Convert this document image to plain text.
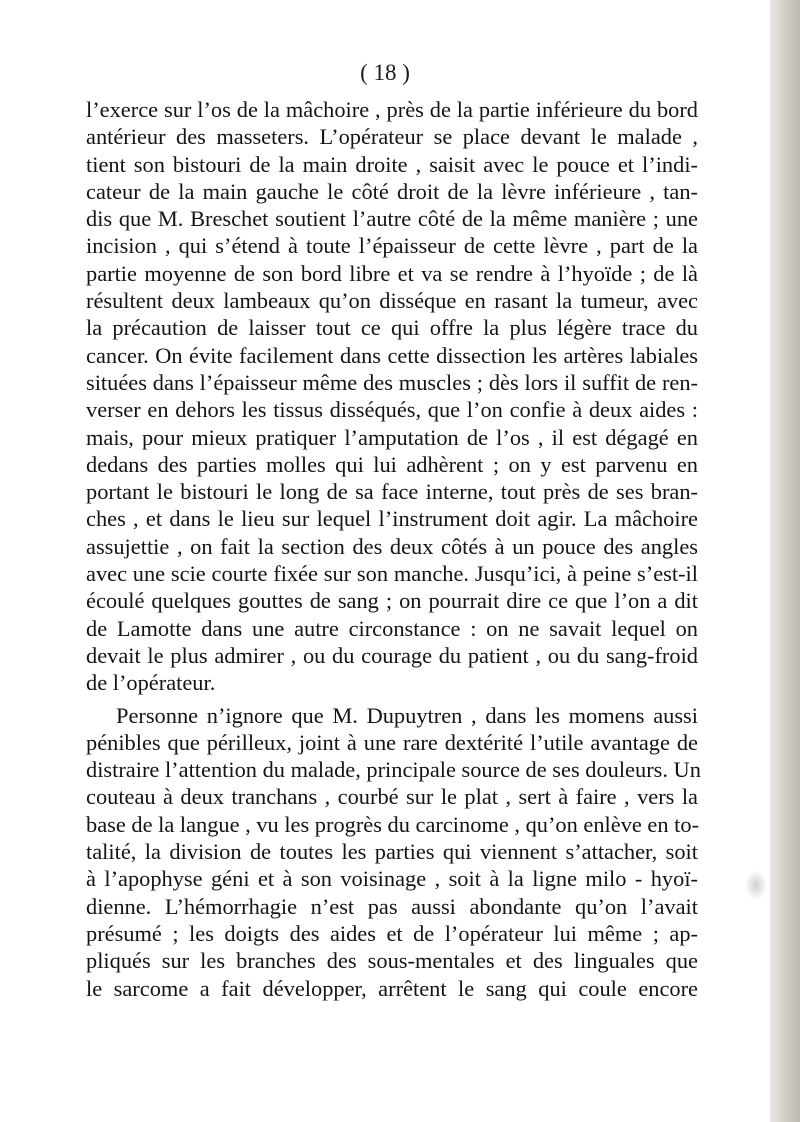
( 18 )
l’exerce sur l’os de la mâchoire , près de la partie inférieure du bord
antérieur des masseters. L’opérateur se place devant le malade ,
tient son bistouri de la main droite , saisit avec le pouce et l’indi-
cateur de la main gauche le côté droit de la lèvre inférieure , tan-
dis que M. Breschet soutient l’autre côté de la même manière ; une
incision , qui s’étend à toute l’épaisseur de cette lèvre , part de la
partie moyenne de son bord libre et va se rendre à l’hyoïde ; de là
résultent deux lambeaux qu’on disséque en rasant la tumeur, avec
la précaution de laisser tout ce qui offre la plus légère trace du
cancer. On évite facilement dans cette dissection les artères labiales
situées dans l’épaisseur même des muscles ; dès lors il suffit de ren-
verser en dehors les tissus disséqués, que l’on confie à deux aides :
mais, pour mieux pratiquer l’amputation de l’os , il est dégagé en
dedans des parties molles qui lui adhèrent ; on y est parvenu en
portant le bistouri le long de sa face interne, tout près de ses bran-
ches , et dans le lieu sur lequel l’instrument doit agir. La mâchoire
assujettie , on fait la section des deux côtés à un pouce des angles
avec une scie courte fixée sur son manche. Jusqu’ici, à peine s’est-il
écoulé quelques gouttes de sang ; on pourrait dire ce que l’on a dit
de Lamotte dans une autre circonstance : on ne savait lequel on
devait le plus admirer , ou du courage du patient , ou du sang-froid
de l’opérateur.
Personne n’ignore que M. Dupuytren , dans les momens aussi
pénibles que périlleux, joint à une rare dextérité l’utile avantage de
distraire l’attention du malade, principale source de ses douleurs. Un
couteau à deux tranchans , courbé sur le plat , sert à faire , vers la
base de la langue , vu les progrès du carcinome , qu’on enlève en to-
talité, la division de toutes les parties qui viennent s’attacher, soit
à l’apophyse géni et à son voisinage , soit à la ligne milo - hyoï-
dienne. L’hémorrhagie n’est pas aussi abondante qu’on l’avait
présumé ; les doigts des aides et de l’opérateur lui même ; ap-
pliqués sur les branches des sous-mentales et des linguales que
le sarcome a fait développer, arrêtent le sang qui coule encore
